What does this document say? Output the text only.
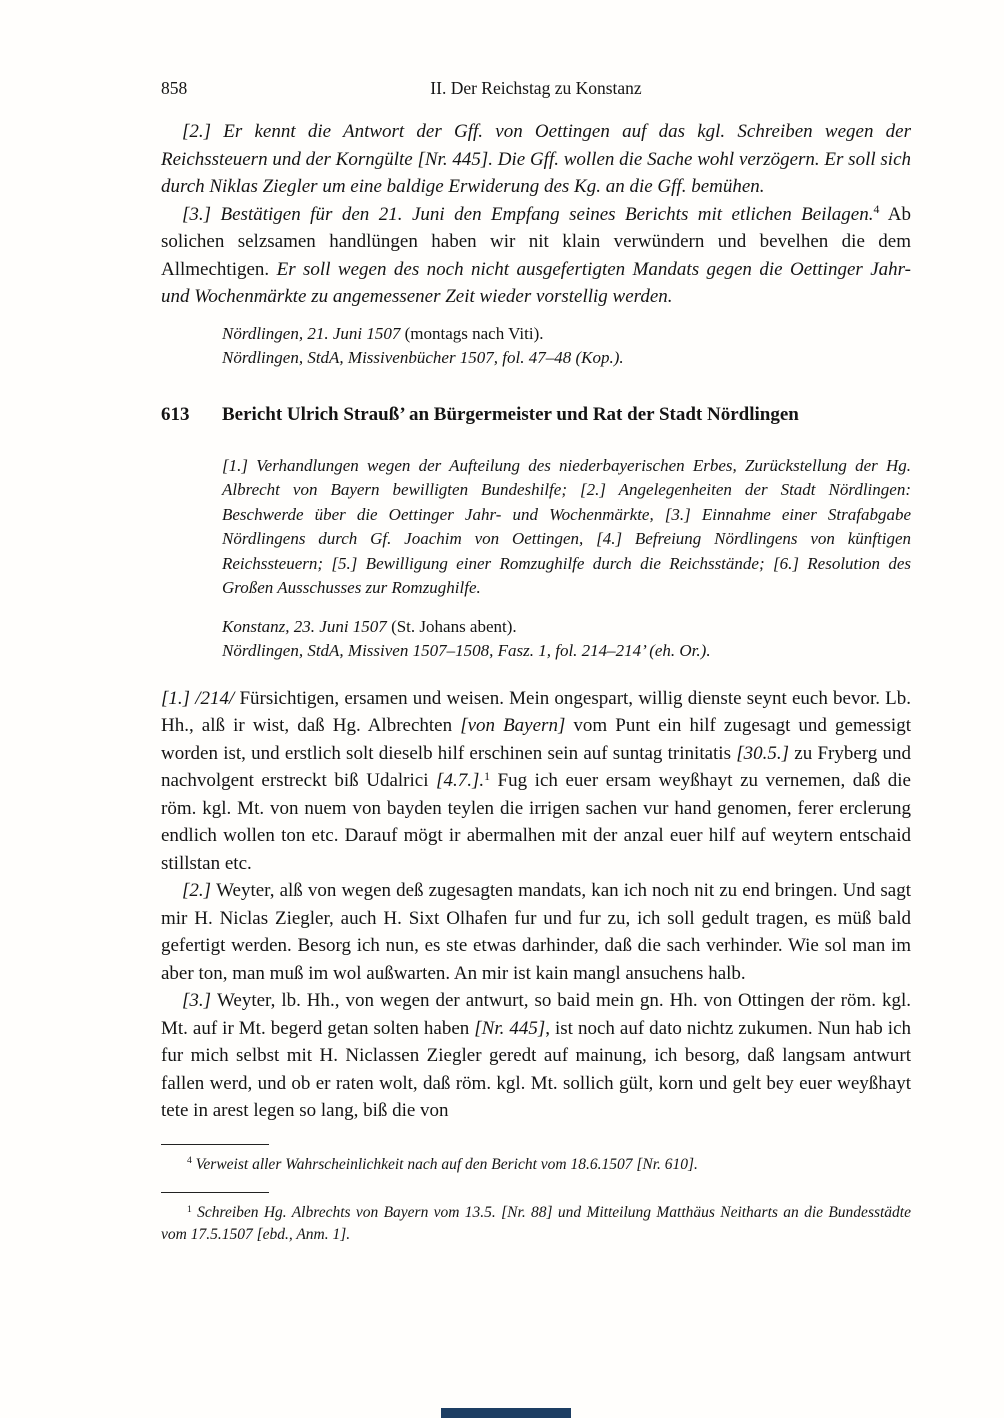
858	II. Der Reichstag zu Konstanz

[2.] Er kennt die Antwort der Gff. von Oettingen auf das kgl. Schreiben wegen der Reichssteuern und der Korngülte [Nr. 445]. Die Gff. wollen die Sache wohl verzögern. Er soll sich durch Niklas Ziegler um eine baldige Erwiderung des Kg. an die Gff. bemühen.

[3.] Bestätigen für den 21. Juni den Empfang seines Berichts mit etlichen Beilagen.$^4$ Ab solichen selzsamen handlüngen haben wir nit klain verwündern und bevelhen die dem Allmechtigen. Er soll wegen des noch nicht ausgefertigten Mandats gegen die Oettinger Jahr- und Wochenmärkte zu angemessener Zeit wieder vorstellig werden.

Nördlingen, 21. Juni 1507 (montags nach Viti).

Nördlingen, StdA, Missivenbücher 1507, fol. 47–48 (Kop.).

613	Bericht Ulrich Strauß’ an Bürgermeister und Rat der Stadt Nördlingen

[1.] Verhandlungen wegen der Aufteilung des niederbayerischen Erbes, Zurückstellung der Hg. Albrecht von Bayern bewilligten Bundeshilfe; [2.] Angelegenheiten der Stadt Nördlingen: Beschwerde über die Oettinger Jahr- und Wochenmärkte, [3.] Einnahme einer Strafabgabe Nördlingens durch Gf. Joachim von Oettingen, [4.] Befreiung Nördlingens von künftigen Reichssteuern; [5.] Bewilligung einer Romzughilfe durch die Reichsstände; [6.] Resolution des Großen Ausschusses zur Romzughilfe.

Konstanz, 23. Juni 1507 (St. Johans abent).

Nördlingen, StdA, Missiven 1507–1508, Fasz. 1, fol. 214–214’ (eh. Or.).

[1.] /214/ Fürsichtigen, ersamen und weisen. Mein ongespart, willig dienste seynt euch bevor. Lb. Hh., alß ir wist, daß Hg. Albrechten [von Bayern] vom Punt ein hilf zugesagt und gemessigt worden ist, und erstlich solt dieselb hilf erschinen sein auf suntag trinitatis [30.5.] zu Fryberg und nachvolgent erstreckt biß Udalrici [4.7.].$^1$ Fug ich euer ersam weyßhayt zu vernemen, daß die röm. kgl. Mt. von nuem von bayden teylen die irrigen sachen vur hand genomen, ferer erclerung endlich wollen ton etc. Darauf mögt ir abermalhen mit der anzal euer hilf auf weytern entschaid stillstan etc.

[2.] Weyter, alß von wegen deß zugesagten mandats, kan ich noch nit zu end bringen. Und sagt mir H. Niclas Ziegler, auch H. Sixt Olhafen fur und fur zu, ich soll gedult tragen, es müß bald gefertigt werden. Besorg ich nun, es ste etwas darhinder, daß die sach verhinder. Wie sol man im aber ton, man muß im wol außwarten. An mir ist kain mangl ansuchens halb.

[3.] Weyter, lb. Hh., von wegen der antwurt, so baid mein gn. Hh. von Ottingen der röm. kgl. Mt. auf ir Mt. begerd getan solten haben [Nr. 445], ist noch auf dato nichtz zukumen. Nun hab ich fur mich selbst mit H. Niclassen Ziegler geredt auf mainung, ich besorg, daß langsam antwurt fallen werd, und ob er raten wolt, daß röm. kgl. Mt. sollich gült, korn und gelt bey euer weyßhayt tete in arest legen so lang, biß die von

$^4$ Verweist aller Wahrscheinlichkeit nach auf den Bericht vom 18.6.1507 [Nr. 610].

$^1$ Schreiben Hg. Albrechts von Bayern vom 13.5. [Nr. 88] und Mitteilung Matthäus Neitharts an die Bundesstädte vom 17.5.1507 [ebd., Anm. 1].
